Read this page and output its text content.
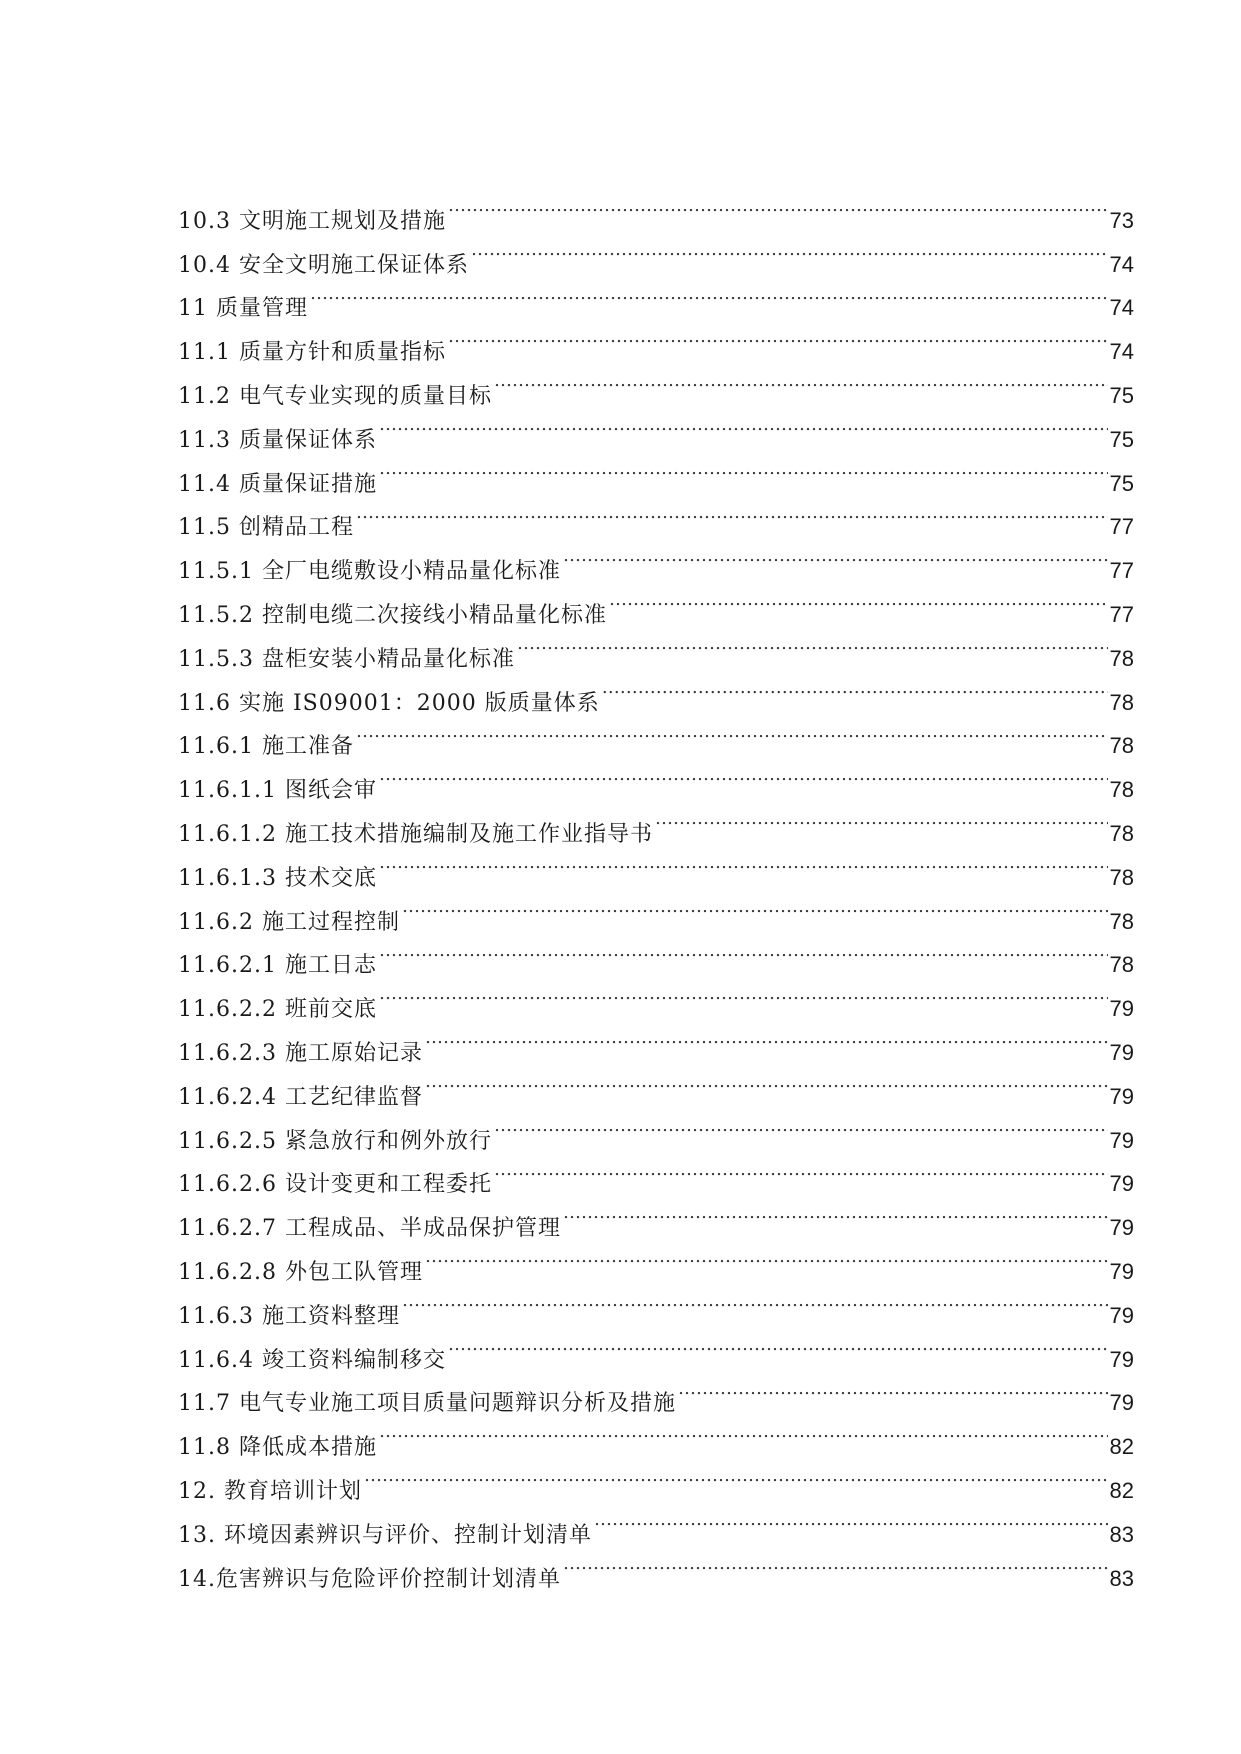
10.3 文明施工规划及措施 …………………………………………………………………………………………………………………………………………………………………………………………	73
10.4 安全文明施工保证体系 …………………………………………………………………………………………………………………………………………………………………………………………	74
11 质量管理 …………………………………………………………………………………………………………………………………………………………………………………………	74
11.1 质量方针和质量指标 …………………………………………………………………………………………………………………………………………………………………………………………	74
11.2 电气专业实现的质量目标 …………………………………………………………………………………………………………………………………………………………………………………………	75
11.3 质量保证体系 …………………………………………………………………………………………………………………………………………………………………………………………	75
11.4 质量保证措施 …………………………………………………………………………………………………………………………………………………………………………………………	75
11.5 创精品工程 …………………………………………………………………………………………………………………………………………………………………………………………	77
11.5.1 全厂电缆敷设小精品量化标准 …………………………………………………………………………………………………………………………………………………………………………………………	77
11.5.2 控制电缆二次接线小精品量化标准 …………………………………………………………………………………………………………………………………………………………………………………………	77
11.5.3 盘柜安装小精品量化标准 …………………………………………………………………………………………………………………………………………………………………………………………	78
11.6 实施 IS09001：2000 版质量体系 …………………………………………………………………………………………………………………………………………………………………………………………	78
11.6.1 施工准备 …………………………………………………………………………………………………………………………………………………………………………………………	78
11.6.1.1 图纸会审 …………………………………………………………………………………………………………………………………………………………………………………………	78
11.6.1.2 施工技术措施编制及施工作业指导书 …………………………………………………………………………………………………………………………………………………………………………………………	78
11.6.1.3 技术交底 …………………………………………………………………………………………………………………………………………………………………………………………	78
11.6.2 施工过程控制 …………………………………………………………………………………………………………………………………………………………………………………………	78
11.6.2.1 施工日志 …………………………………………………………………………………………………………………………………………………………………………………………	78
11.6.2.2 班前交底 …………………………………………………………………………………………………………………………………………………………………………………………	79
11.6.2.3 施工原始记录 …………………………………………………………………………………………………………………………………………………………………………………………	79
11.6.2.4 工艺纪律监督 …………………………………………………………………………………………………………………………………………………………………………………………	79
11.6.2.5 紧急放行和例外放行 …………………………………………………………………………………………………………………………………………………………………………………………	79
11.6.2.6 设计变更和工程委托 …………………………………………………………………………………………………………………………………………………………………………………………	79
11.6.2.7 工程成品、半成品保护管理 …………………………………………………………………………………………………………………………………………………………………………………………	79
11.6.2.8 外包工队管理 …………………………………………………………………………………………………………………………………………………………………………………………	79
11.6.3 施工资料整理 …………………………………………………………………………………………………………………………………………………………………………………………	79
11.6.4 竣工资料编制移交 …………………………………………………………………………………………………………………………………………………………………………………………	79
11.7 电气专业施工项目质量问题辩识分析及措施 …………………………………………………………………………………………………………………………………………………………………………………………	79
11.8 降低成本措施 …………………………………………………………………………………………………………………………………………………………………………………………	82
12. 教育培训计划 …………………………………………………………………………………………………………………………………………………………………………………………	82
13. 环境因素辨识与评价、控制计划清单 …………………………………………………………………………………………………………………………………………………………………………………………	83
14.危害辨识与危险评价控制计划清单 …………………………………………………………………………………………………………………………………………………………………………………………	83
